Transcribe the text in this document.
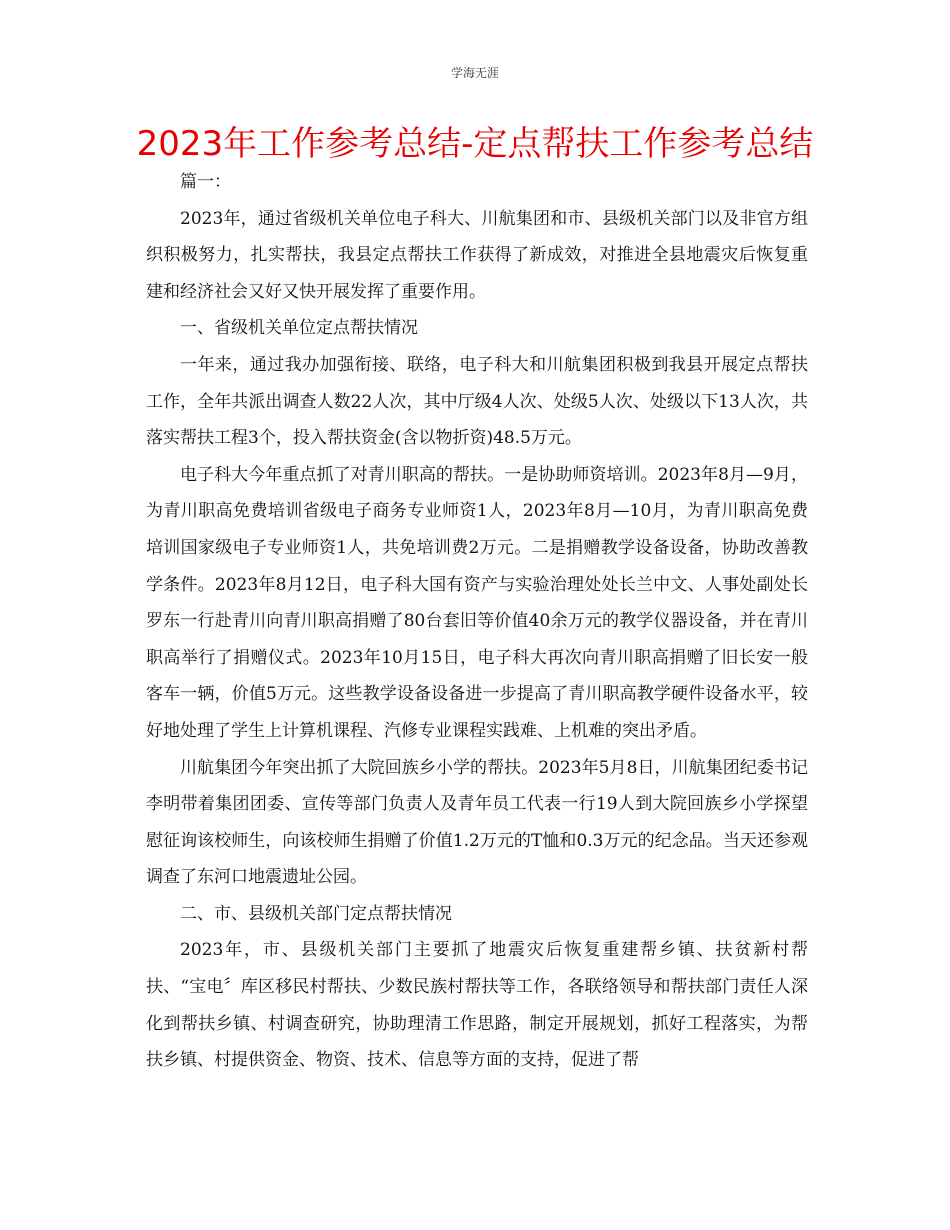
学海无涯
2023年工作参考总结-定点帮扶工作参考总结

篇一：

2023年，通过省级机关单位电子科大、川航集团和市、县级机关部门以及非官方组织积极努力，扎实帮扶，我县定点帮扶工作获得了新成效，对推进全县地震灾后恢复重建和经济社会又好又快开展发挥了重要作用。

一、省级机关单位定点帮扶情况

一年来，通过我办加强衔接、联络，电子科大和川航集团积极到我县开展定点帮扶工作，全年共派出调查人数22人次，其中厅级4人次、处级5人次、处级以下13人次，共落实帮扶工程3个，投入帮扶资金(含以物折资)48.5万元。

电子科大今年重点抓了对青川职高的帮扶。一是协助师资培训。2023年8月—9月，为青川职高免费培训省级电子商务专业师资1人，2023年8月—10月，为青川职高免费培训国家级电子专业师资1人，共免培训费2万元。二是捐赠教学设备设备，协助改善教学条件。2023年8月12日，电子科大国有资产与实验治理处处长兰中文、人事处副处长罗东一行赴青川向青川职高捐赠了80台套旧等价值40余万元的教学仪器设备，并在青川职高举行了捐赠仪式。2023年10月15日，电子科大再次向青川职高捐赠了旧长安一般客车一辆，价值5万元。这些教学设备设备进一步提高了青川职高教学硬件设备水平，较好地处理了学生上计算机课程、汽修专业课程实践难、上机难的突出矛盾。

川航集团今年突出抓了大院回族乡小学的帮扶。2023年5月8日，川航集团纪委书记李明带着集团团委、宣传等部门负责人及青年员工代表一行19人到大院回族乡小学探望慰征询该校师生，向该校师生捐赠了价值1.2万元的T恤和0.3万元的纪念品。当天还参观调查了东河口地震遗址公园。

二、市、县级机关部门定点帮扶情况

2023年，市、县级机关部门主要抓了地震灾后恢复重建帮乡镇、扶贫新村帮扶、“宝电〞库区移民村帮扶、少数民族村帮扶等工作，各联络领导和帮扶部门责任人深化到帮扶乡镇、村调查研究，协助理清工作思路，制定开展规划，抓好工程落实，为帮扶乡镇、村提供资金、物资、技术、信息等方面的支持，促进了帮
